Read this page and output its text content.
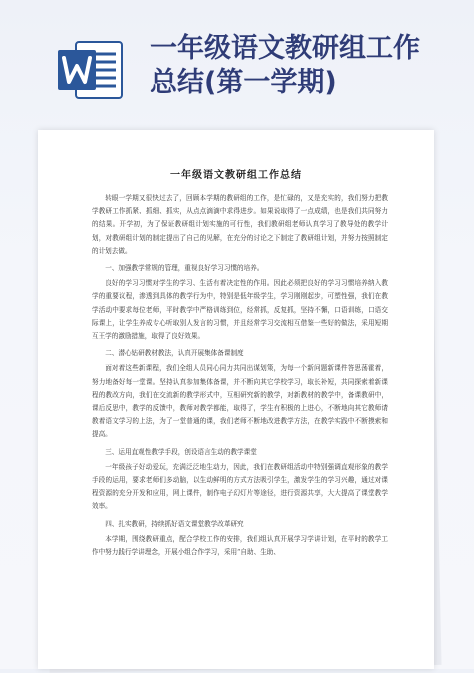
一年级语文教研组工作
总结(第一学期)
一年级语文教研组工作总结

转眼一学期又很快过去了，回顾本学期的教研组的工作，是忙碌的，又是充实的，我们努力把教学教研工作抓紧、抓细、抓实，从点点滴滴中求得进步。如果说取得了一点成绩，也是我们共同努力的结果。开学初，为了保证教研组计划实施的可行性，我们教研组老师认真学习了教导处的教学计划，对教研组计划的制定提出了自己的见解，在充分的讨论之下制定了教研组计划，并努力按照制定的计划去做。

一、加强教学常规的管理，重视良好学习习惯的培养。

良好的学习习惯对学生的学习、生活有着决定性的作用。因此必须把良好的学习习惯培养纳入教学的重要议程，渗透到具体的教学行为中，特别是低年级学生，学习刚刚起步，可塑性强，我们在教学活动中要求每位老师，平时教学中严格训练到位，经常抓，反复抓，坚持不懈，口语训练，口语交际课上，让学生养成专心听取别人发言的习惯，并且经常学习交流相互借鉴一些好的做法，采用短期互王学的激励措施，取得了良好效果。

二、潜心钻研教材教法，认真开展集体备课制度

面对着这些新课程，我们全组人员同心同力共同出谋划策，为每一个新问题新课件答思荡霍着，努力地备好每一堂课。坚持认真参加集体备课，并不断向其它学校学习，取长补短，共同探索着新课程的教改方向，我们在交流新的教学形式中，互相研究新的教学，对新教材的教学中，备课教研中，课后反思中，教学的反馈中，教师对教学都能，取得了，学生有积极的上进心，不断地向其它教师请教着语文学习的上法，为了一堂普通的课，我们老师不断地改进教学方法，在教学实践中不断摸索和提高。

三、运用直观性教学手段，创设语言生动的教学课堂

一年级孩子好动爱玩，充满泛泛地生动力，因此，我们在教研组活动中特别强调直观形象的教学手段的运用，要求老师们多动脑，以生动鲜明的方式方法吸引学生，激发学生的学习兴趣，通过对课程资源的充分开发和应用，网上课件，制作电子幻灯片等途径，进行资源共享，大大提高了课堂教学效率。

四、扎实教研，持续抓好语文课堂教学改革研究

本学期，围绕教研重点，配合学校工作的安排，我们组认真开展学习学讲计划，在平时的教学工作中努力践行学讲理念，开展小组合作学习，采用“自助、生助、
